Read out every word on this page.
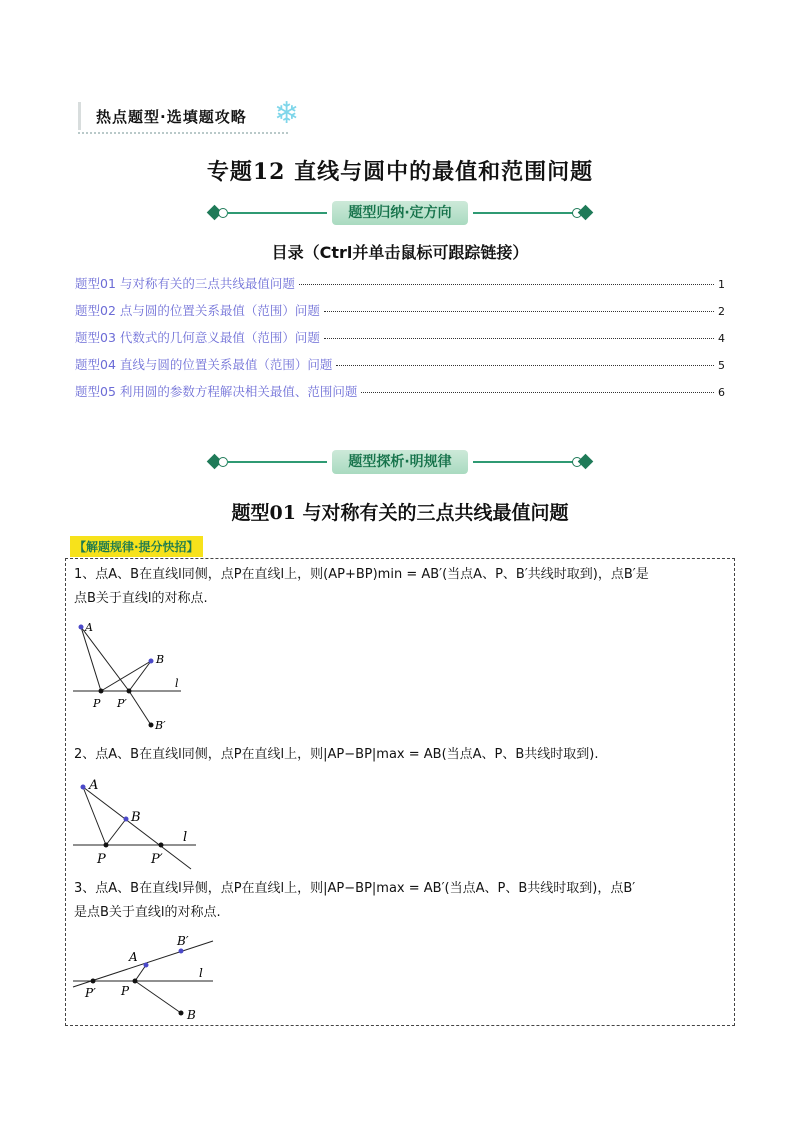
热点题型·选填题攻略 ❄
专题12 直线与圆中的最值和范围问题
题型归纳·定方向
目录（Ctrl并单击鼠标可跟踪链接）
题型01 与对称有关的三点共线最值问题	1
题型02 点与圆的位置关系最值（范围）问题	2
题型03 代数式的几何意义最值（范围）问题	4
题型04 直线与圆的位置关系最值（范围）问题	5
题型05 利用圆的参数方程解决相关最值、范围问题	6
题型探析·明规律
题型01 与对称有关的三点共线最值问题
【解题规律·提分快招】
1、点A、B在直线l同侧，点P在直线l上，则(AP+BP)min = AB′(当点A、P、B′共线时取到)，点B′是
点B关于直线l的对称点.
A
B
P P′
B′
l
2、点A、B在直线l同侧，点P在直线l上，则|AP−BP|max = AB(当点A、P、B共线时取到).
A
B
P	P′
l
3、点A、B在直线l异侧，点P在直线l上，则|AP−BP|max = AB′(当点A、P、B共线时取到)，点B′
是点B关于直线l的对称点.
A
B′
P′ P
B
l
